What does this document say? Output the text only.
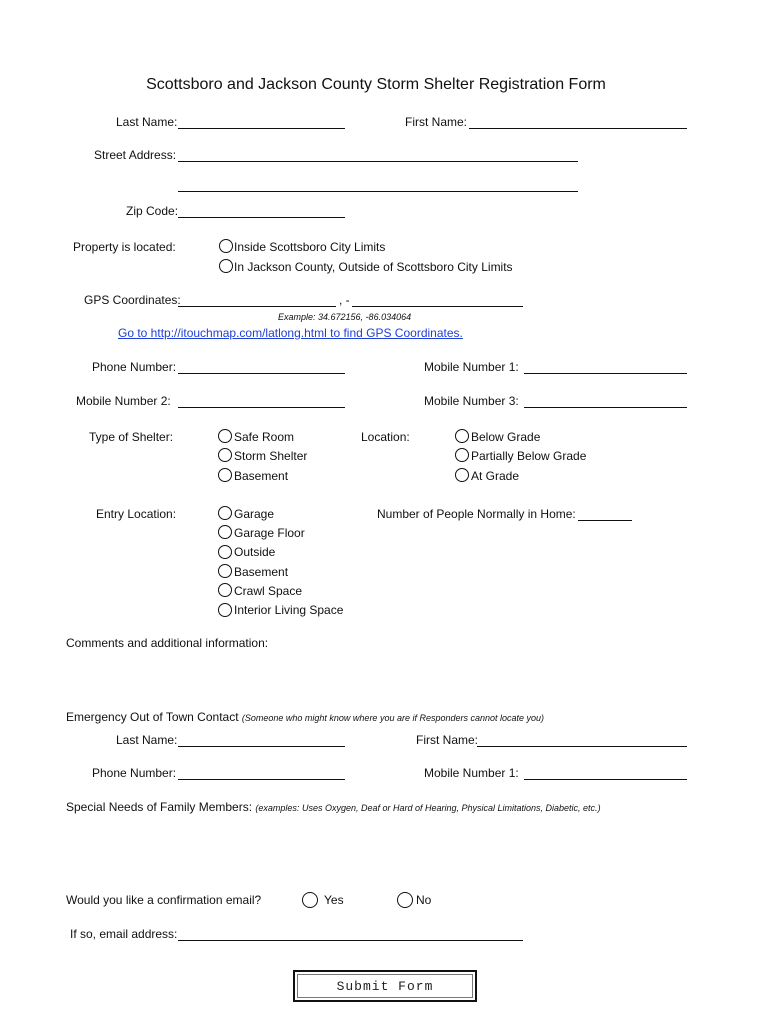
Scottsboro and Jackson County Storm Shelter Registration Form
Last Name:	First Name:
Street Address:
Zip Code:
Property is located:	Inside Scottsboro City Limits
In Jackson County, Outside of Scottsboro City Limits
GPS Coordinates:	, -
Example: 34.672156, -86.034064
Go to http://itouchmap.com/latlong.html to find GPS Coordinates.
Phone Number:	Mobile Number 1:
Mobile Number 2:	Mobile Number 3:
Type of Shelter:	Safe Room
Storm Shelter
Basement
Location:	Below Grade
Partially Below Grade
At Grade
Entry Location:	Garage
Garage Floor
Outside
Basement
Crawl Space
Interior Living Space
Number of People Normally in Home:
Comments and additional information:
Emergency Out of Town Contact (Someone who might know where you are if Responders cannot locate you)
Last Name:	First Name:
Phone Number:	Mobile Number 1:
Special Needs of Family Members: (examples: Uses Oxygen, Deaf or Hard of Hearing, Physical Limitations, Diabetic, etc.)
Would you like a confirmation email?	Yes	No
If so, email address:
Submit Form
